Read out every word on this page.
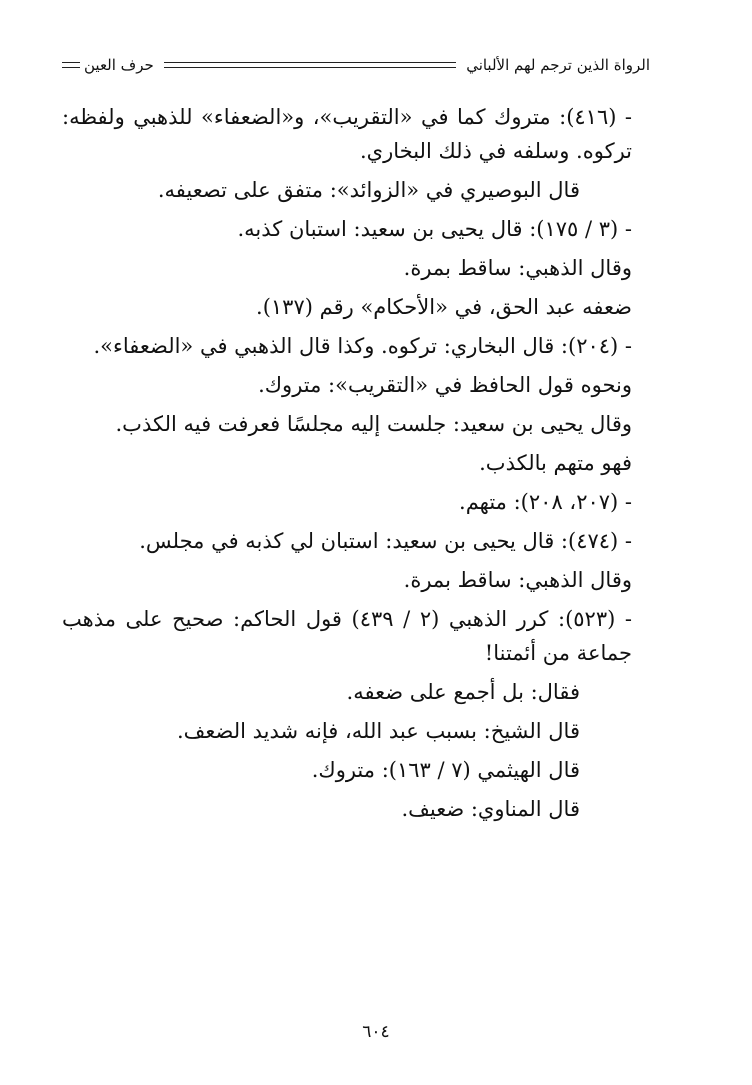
الرواة الذين ترجم لهم الألباني
حرف العين

- (٤١٦): متروك كما في «التقريب»، و«الضعفاء» للذهبي ولفظه: تركوه. وسلفه في ذلك البخاري.

قال البوصيري في «الزوائد»: متفق على تصعيفه.

- (٣ / ١٧٥): قال يحيى بن سعيد: استبان كذبه.

وقال الذهبي: ساقط بمرة.

ضعفه عبد الحق، في «الأحكام» رقم (١٣٧).

- (٢٠٤): قال البخاري: تركوه. وكذا قال الذهبي في «الضعفاء».

ونحوه قول الحافظ في «التقريب»: متروك.

وقال يحيى بن سعيد: جلست إليه مجلسًا فعرفت فيه الكذب.

فهو متهم بالكذب.

- (٢٠٧، ٢٠٨): متهم.

- (٤٧٤): قال يحيى بن سعيد: استبان لي كذبه في مجلس.

وقال الذهبي: ساقط بمرة.

- (٥٢٣): كرر الذهبي (٢ / ٤٣٩) قول الحاكم: صحيح على مذهب جماعة من أئمتنا!

فقال: بل أجمع على ضعفه.

قال الشيخ: بسبب عبد الله، فإنه شديد الضعف.

قال الهيثمي (٧ / ١٦٣): متروك.

قال المناوي: ضعيف.

٦٠٤
